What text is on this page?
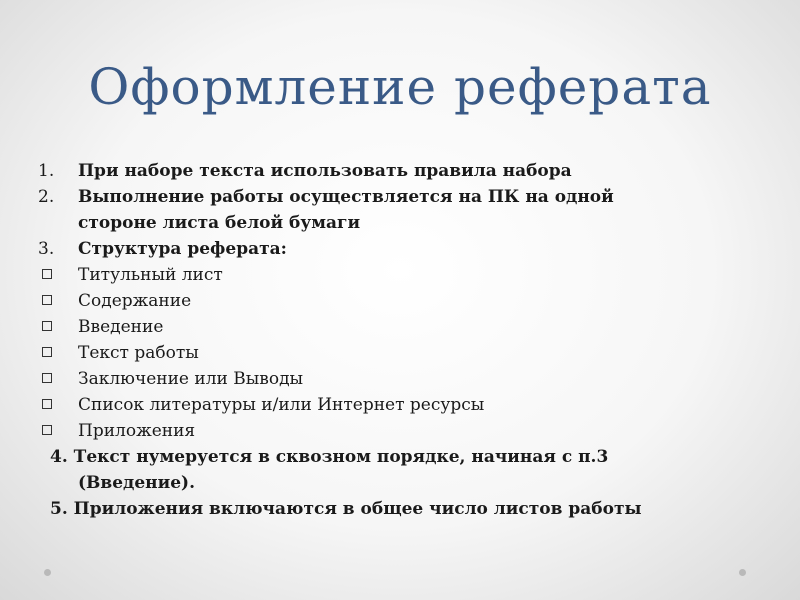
Оформление реферата
1.	При наборе текста использовать правила набора
2.	Выполнение работы осуществляется на ПК на одной стороне листа белой бумаги
3.	Структура реферата:
Титульный лист
Содержание
Введение
Текст работы
Заключение или Выводы
Список литературы и/или Интернет ресурсы
Приложения
4. Текст нумеруется в сквозном порядке, начиная с п.3
(Введение).
5. Приложения включаются в общее число листов работы
